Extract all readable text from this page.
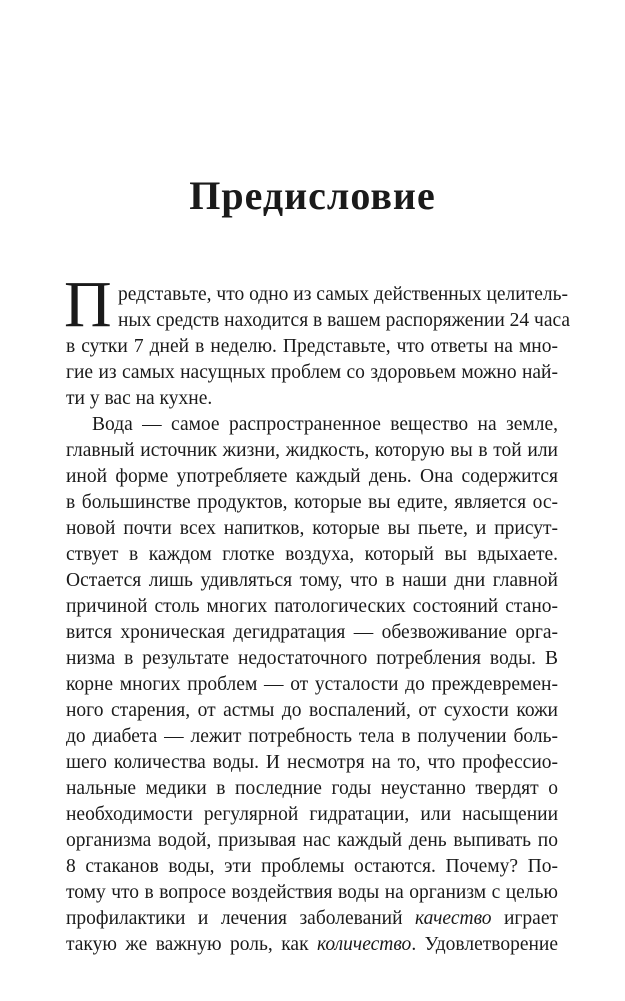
Предисловие
П редставьте, что одно из самых действенных целитель-
ных средств находится в вашем распоряжении 24 часа
в сутки 7 дней в неделю. Представьте, что ответы на мно-
гие из самых насущных проблем со здоровьем можно най-
ти у вас на кухне.
Вода — самое распространенное вещество на земле,
главный источник жизни, жидкость, которую вы в той или
иной форме употребляете каждый день. Она содержится
в большинстве продуктов, которые вы едите, является ос-
новой почти всех напитков, которые вы пьете, и присут-
ствует в каждом глотке воздуха, который вы вдыхаете.
Остается лишь удивляться тому, что в наши дни главной
причиной столь многих патологических состояний стано-
вится хроническая дегидратация — обезвоживание орга-
низма в результате недостаточного потребления воды. В
корне многих проблем — от усталости до преждевремен-
ного старения, от астмы до воспалений, от сухости кожи
до диабета — лежит потребность тела в получении боль-
шего количества воды. И несмотря на то, что профессио-
нальные медики в последние годы неустанно твердят о
необходимости регулярной гидратации, или насыщении
организма водой, призывая нас каждый день выпивать по
8 стаканов воды, эти проблемы остаются. Почему? По-
тому что в вопросе воздействия воды на организм с целью
профилактики и лечения заболеваний качество играет
такую же важную роль, как количество. Удовлетворение
